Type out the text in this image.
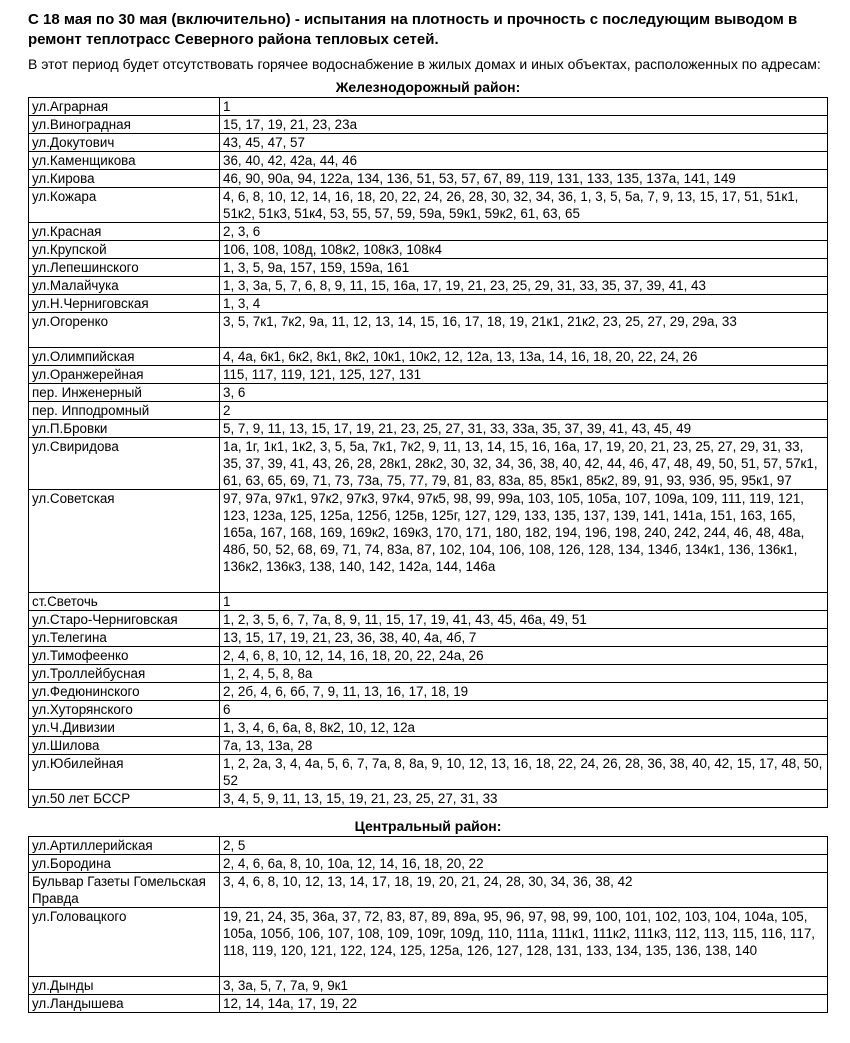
С 18 мая по 30 мая (включительно) - испытания на плотность и прочность с последующим выводом в ремонт теплотрасс Северного района тепловых сетей.
В этот период будет отсутствовать горячее водоснабжение в жилых домах и иных объектах, расположенных по адресам:
Железнодорожный район:
ул.Аграрная	1
ул.Виноградная	15, 17, 19, 21, 23, 23а
ул.Докутович	43, 45, 47, 57
ул.Каменщикова	36, 40, 42, 42а, 44, 46
ул.Кирова	46, 90, 90а, 94, 122а, 134, 136, 51, 53, 57, 67, 89, 119, 131, 133, 135, 137а, 141, 149
ул.Кожара	4, 6, 8, 10, 12, 14, 16, 18, 20, 22, 24, 26, 28, 30, 32, 34, 36, 1, 3, 5, 5а, 7, 9, 13, 15, 17, 51, 51к1, 51к2, 51к3, 51к4, 53, 55, 57, 59, 59а, 59к1, 59к2, 61, 63, 65
ул.Красная	2, 3, 6
ул.Крупской	106, 108, 108д, 108к2, 108к3, 108к4
ул.Лепешинского	1, 3, 5, 9а, 157, 159, 159а, 161
ул.Малайчука	1, 3, 3а, 5, 7, 6, 8, 9, 11, 15, 16а, 17, 19, 21, 23, 25, 29, 31, 33, 35, 37, 39, 41, 43
ул.Н.Черниговская	1, 3, 4
ул.Огоренко	3, 5, 7к1, 7к2, 9а, 11, 12, 13, 14, 15, 16, 17, 18, 19, 21к1, 21к2, 23, 25, 27, 29, 29а, 33
ул.Олимпийская	4, 4а, 6к1, 6к2, 8к1, 8к2, 10к1, 10к2, 12, 12а, 13, 13а, 14, 16, 18, 20, 22, 24, 26
ул.Оранжерейная	115, 117, 119, 121, 125, 127, 131
пер. Инженерный	3, 6
пер. Ипподромный	2
ул.П.Бровки	5, 7, 9, 11, 13, 15, 17, 19, 21, 23, 25, 27, 31, 33, 33а, 35, 37, 39, 41, 43, 45, 49
ул.Свиридова	1а, 1г, 1к1, 1к2, 3, 5, 5а, 7к1, 7к2, 9, 11, 13, 14, 15, 16, 16а, 17, 19, 20, 21, 23, 25, 27, 29, 31, 33, 35, 37, 39, 41, 43, 26, 28, 28к1, 28к2, 30, 32, 34, 36, 38, 40, 42, 44, 46, 47, 48, 49, 50, 51, 57, 57к1, 61, 63, 65, 69, 71, 73, 73а, 75, 77, 79, 81, 83, 83а, 85, 85к1, 85к2, 89, 91, 93, 93б, 95, 95к1, 97
ул.Советская	97, 97а, 97к1, 97к2, 97к3, 97к4, 97к5, 98, 99, 99а, 103, 105, 105а, 107, 109а, 109, 111, 119, 121, 123, 123а, 125, 125а, 125б, 125в, 125г, 127, 129, 133, 135, 137, 139, 141, 141а, 151, 163, 165, 165а, 167, 168, 169, 169к2, 169к3, 170, 171, 180, 182, 194, 196, 198, 240, 242, 244, 46, 48, 48а, 48б, 50, 52, 68, 69, 71, 74, 83а, 87, 102, 104, 106, 108, 126, 128, 134, 134б, 134к1, 136, 136к1, 136к2, 136к3, 138, 140, 142, 142а, 144, 146а
ст.Светочь	1
ул.Старо-Черниговская	1, 2, 3, 5, 6, 7, 7а, 8, 9, 11, 15, 17, 19, 41, 43, 45, 46а, 49, 51
ул.Телегина	13, 15, 17, 19, 21, 23, 36, 38, 40, 4а, 4б, 7
ул.Тимофеенко	2, 4, 6, 8, 10, 12, 14, 16, 18, 20, 22, 24а, 26
ул.Троллейбусная	1, 2, 4, 5, 8, 8а
ул.Федюнинского	2, 2б, 4, 6, 6б, 7, 9, 11, 13, 16, 17, 18, 19
ул.Хуторянского	6
ул.Ч.Дивизии	1, 3, 4, 6, 6а, 8, 8к2, 10, 12, 12а
ул.Шилова	7а, 13, 13а, 28
ул.Юбилейная	1, 2, 2а, 3, 4, 4а, 5, 6, 7, 7а, 8, 8а, 9, 10, 12, 13, 16, 18, 22, 24, 26, 28, 36, 38, 40, 42, 15, 17, 48, 50, 52
ул.50 лет БССР	3, 4, 5, 9, 11, 13, 15, 19, 21, 23, 25, 27, 31, 33
Центральный район:
ул.Артиллерийская	2, 5
ул.Бородина	2, 4, 6, 6а, 8, 10, 10а, 12, 14, 16, 18, 20, 22
Бульвар Газеты Гомельская Правда	3, 4, 6, 8, 10, 12, 13, 14, 17, 18, 19, 20, 21, 24, 28, 30, 34, 36, 38, 42
ул.Головацкого	19, 21, 24, 35, 36а, 37, 72, 83, 87, 89, 89а, 95, 96, 97, 98, 99, 100, 101, 102, 103, 104, 104а, 105, 105а, 105б, 106, 107, 108, 109, 109г, 109д, 110, 111а, 111к1, 111к2, 111к3, 112, 113, 115, 116, 117, 118, 119, 120, 121, 122, 124, 125, 125а, 126, 127, 128, 131, 133, 134, 135, 136, 138, 140
ул.Дынды	3, 3а, 5, 7, 7а, 9, 9к1
ул.Ландышева	12, 14, 14а, 17, 19, 22
